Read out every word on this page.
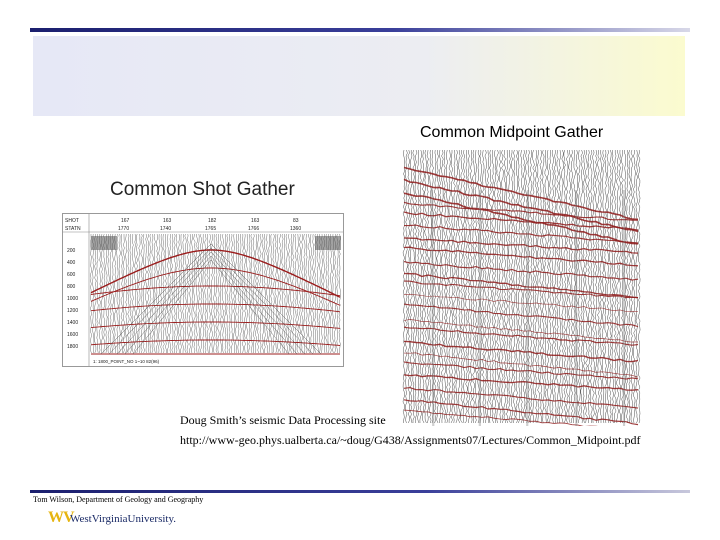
Common Midpoint Gather
Common Shot Gather
SHOT
STATN
167	163	182	163	83
1770	1740	1765	1766	1360
200
400
600
800
1000
1200
1400
1600
1800
1: 1800_POINT_NO 1~10 82(96)
Doug Smith’s seismic Data Processing site
http://www-geo.phys.ualberta.ca/~doug/G438/Assignments07/Lectures/Common_Midpoint.pdf
Tom Wilson, Department of Geology and Geography
WV
WestVirginiaUniversity.
